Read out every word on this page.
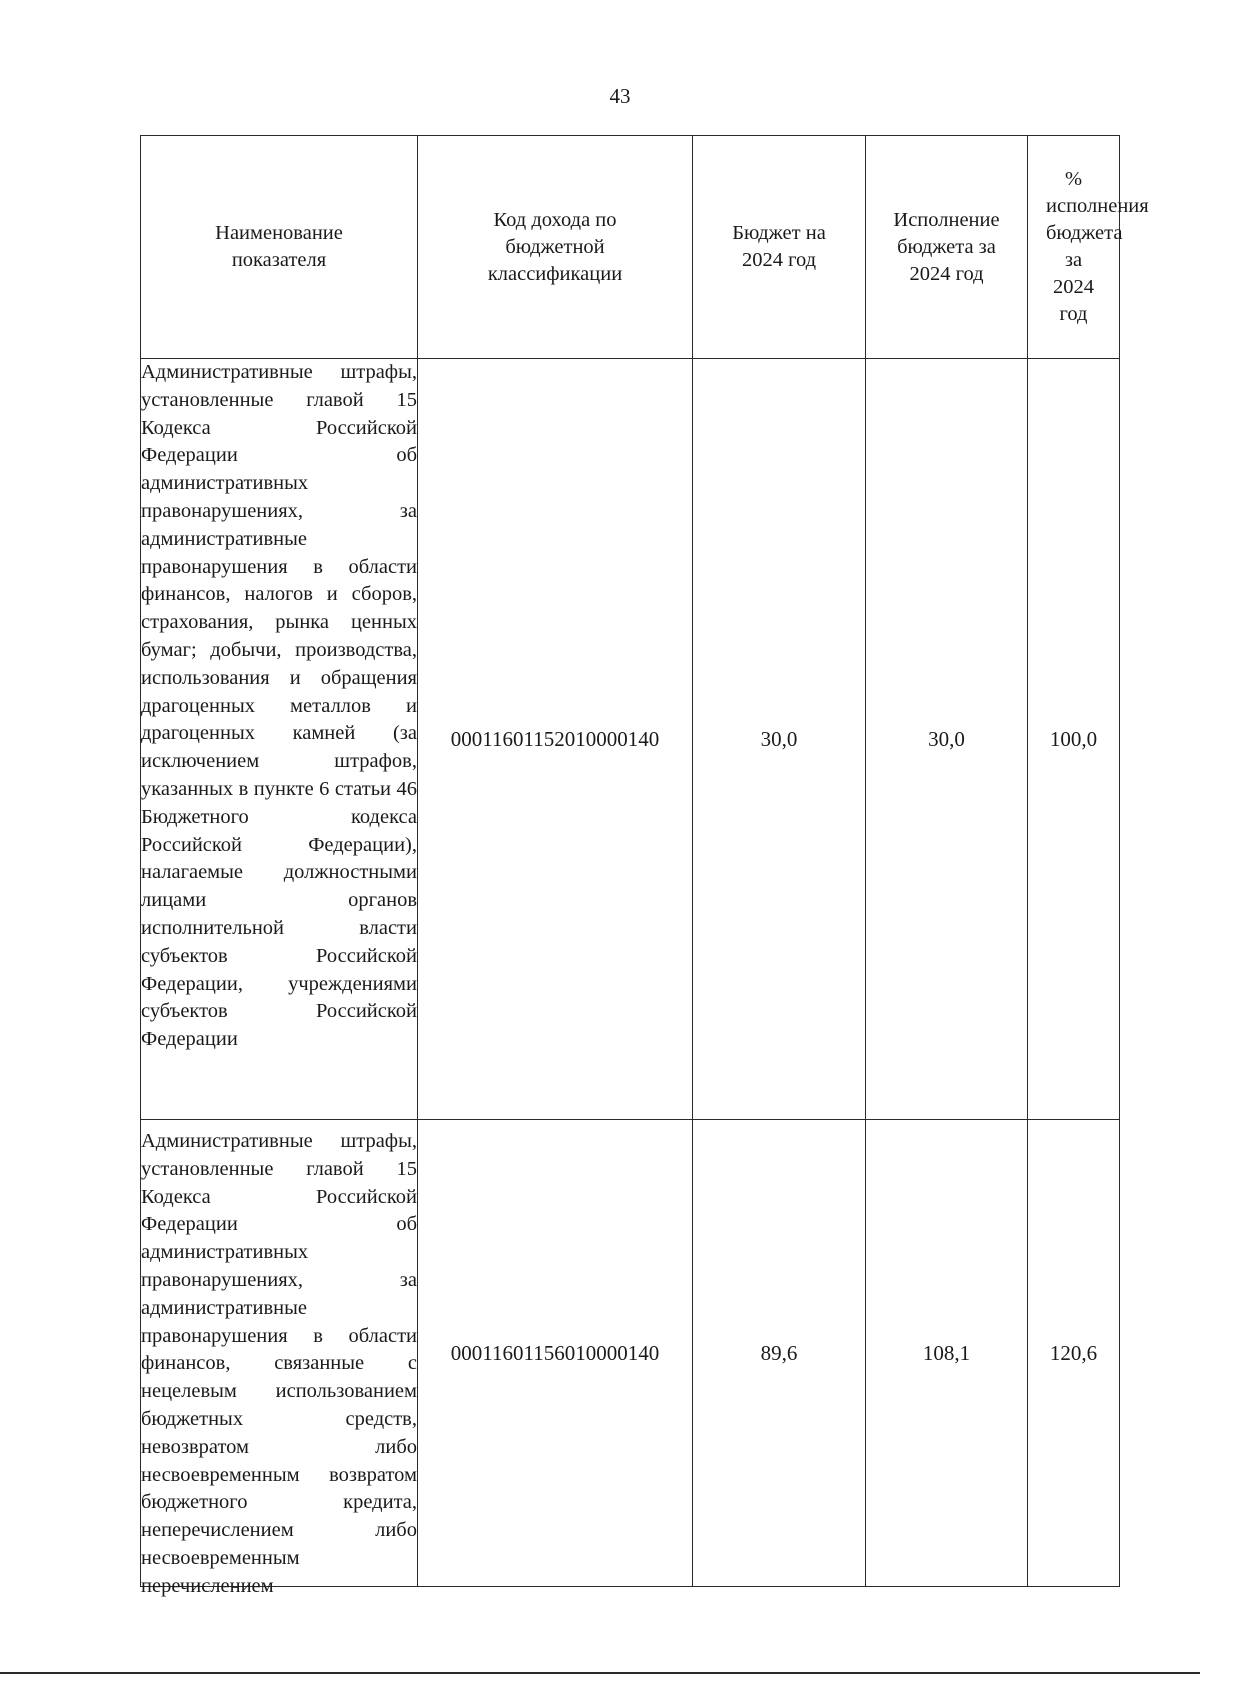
43
Наименование показателя	Код дохода по бюджетной классификации	Бюджет на 2024 год	Исполнение бюджета за 2024 год	% исполнения бюджета за 2024 год
Административные штрафы, установленные главой 15 Кодекса Российской Федерации об административных правонарушениях, за административные правонарушения в области финансов, налогов и сборов, страхования, рынка ценных бумаг; добычи, производства, использования и обращения драгоценных металлов и драгоценных камней (за исключением штрафов, указанных в пункте 6 статьи 46 Бюджетного кодекса Российской Федерации), налагаемые должностными лицами органов исполнительной власти субъектов Российской Федерации, учреждениями субъектов Российской Федерации	00011601152010000140	30,0	30,0	100,0

Административные штрафы, установленные главой 15 Кодекса Российской Федерации об административных правонарушениях, за административные правонарушения в области финансов, связанные с нецелевым использованием бюджетных средств, невозвратом либо несвоевременным возвратом бюджетного кредита, неперечислением либо несвоевременным перечислением	00011601156010000140	89,6	108,1	120,6
